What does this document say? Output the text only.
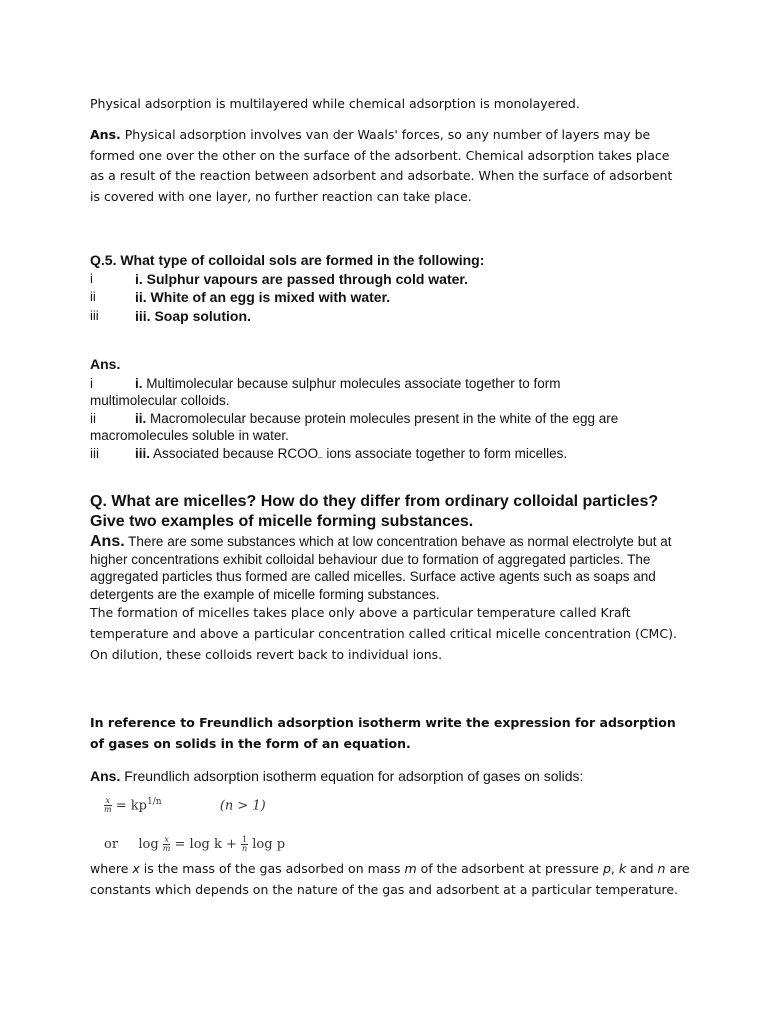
Physical adsorption is multilayered while chemical adsorption is monolayered.
Ans. Physical adsorption involves van der Waals' forces, so any number of layers may be formed one over the other on the surface of the adsorbent. Chemical adsorption takes place as a result of the reaction between adsorbent and adsorbate. When the surface of adsorbent is covered with one layer, no further reaction can take place.
Q.5. What type of colloidal sols are formed in the following:
i	i. Sulphur vapours are passed through cold water.
ii	ii. White of an egg is mixed with water.
iii	iii. Soap solution.
Ans.
i	i. Multimolecular because sulphur molecules associate together to form
multimolecular colloids.
ii	ii. Macromolecular because protein molecules present in the white of the egg are
macromolecules soluble in water.
iii	iii. Associated because $RCOO_-$ ions associate together to form micelles.
Q. What are micelles? How do they differ from ordinary colloidal particles? Give two examples of micelle forming substances.
Ans. There are some substances which at low concentration behave as normal electrolyte but at higher concentrations exhibit colloidal behaviour due to formation of aggregated particles. The aggregated particles thus formed are called micelles. Surface active agents such as soaps and detergents are the example of micelle forming substances.
The formation of micelles takes place only above a particular temperature called Kraft temperature and above a particular concentration called critical micelle concentration (CMC). On dilution, these colloids revert back to individual ions.
In reference to Freundlich adsorption isotherm write the expression for adsorption of gases on solids in the form of an equation.
Ans. Freundlich adsorption isotherm equation for adsorption of gases on solids:
$\frac{x}{m} = kp^{1/n}$	(n > 1)
or $\log \frac{x}{m} = \log k + \frac{1}{n}$ log p
where x is the mass of the gas adsorbed on mass m of the adsorbent at pressure p, k and n are constants which depends on the nature of the gas and adsorbent at a particular temperature.
